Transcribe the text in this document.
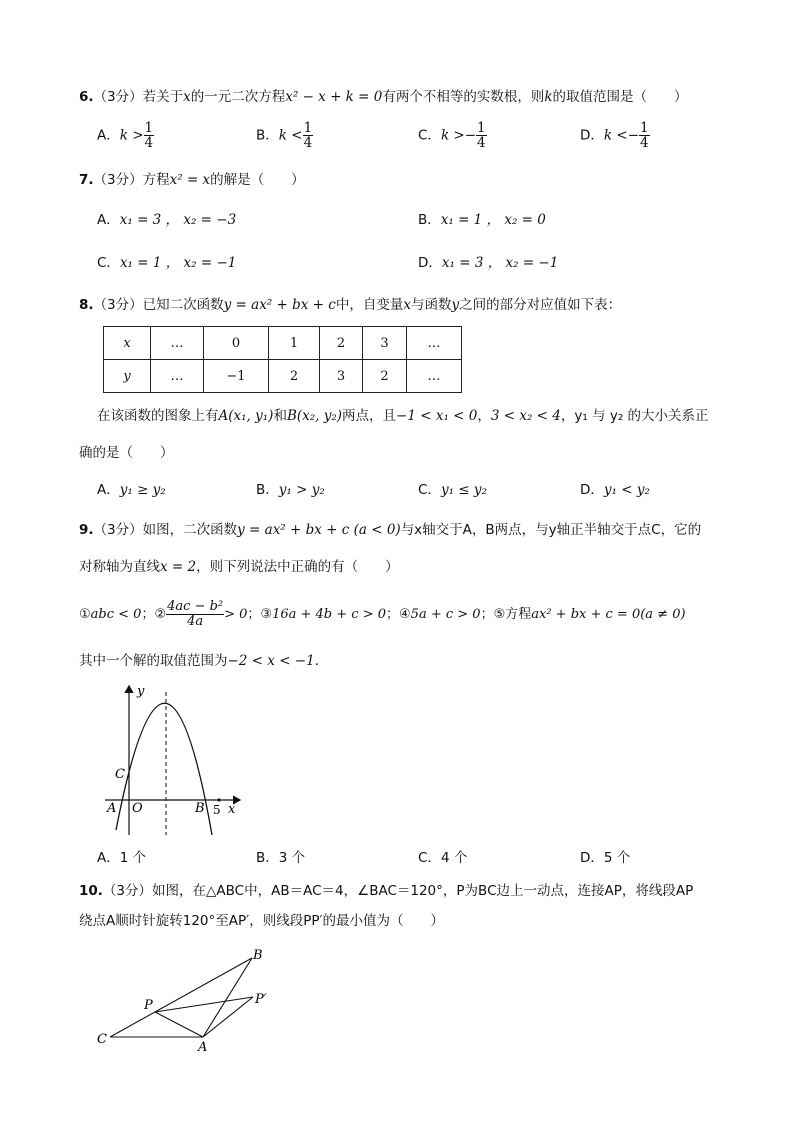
6.（3分）若关于x的一元二次方程x² − x + k = 0有两个不相等的实数根，则k的取值范围是（　　）
A．$k > \frac{1}{4}$	B．$k < \frac{1}{4}$	C．$k >- \frac{1}{4}$	D．$k <- \frac{1}{4}$
7.（3分）方程x² = x的解是（　　）
A．x₁ = 3 ， x₂ = −3	B．x₁ = 1 ， x₂ = 0
C．x₁ = 1 ， x₂ = −1	D．x₁ = 3 ， x₂ = −1
8.（3分）已知二次函数y = ax² + bx + c中，自变量x与函数y之间的部分对应值如下表：
x	…	0	1	2	3	…
y	…	−1	2	3	2	…
在该函数的图象上有A(x₁, y₁)和B(x₂, y₂)两点，且−1 < x₁ < 0，3 < x₂ < 4，y₁ 与 y₂ 的大小关系正
确的是（　　）
A．y₁ ≥ y₂	B．y₁ > y₂	C．y₁ ≤ y₂	D．y₁ < y₂
9.（3分）如图，二次函数y = ax² + bx + c (a < 0)与x轴交于A，B两点，与y轴正半轴交于点C，它的
对称轴为直线x = 2，则下列说法中正确的有（　　）
①abc < 0；② $\frac{\text{4ac − b²}}{4a} > 0$；③16a + 4b + c > 0；④5a + c > 0；⑤方程ax² + bx + c = 0(a ≠ 0)
其中一个解的取值范围为−2 < x < −1．
y
x
C
A O	B 5
A．1 个	B．3 个	C．4 个	D．5 个
10.（3分）如图，在△ABC中，AB＝AC＝4，∠BAC＝120°，P为BC边上一动点，连接AP，将线段AP
绕点A顺时针旋转120°至AP′，则线段PP′的最小值为（　　）
B
P	P′
C
A
